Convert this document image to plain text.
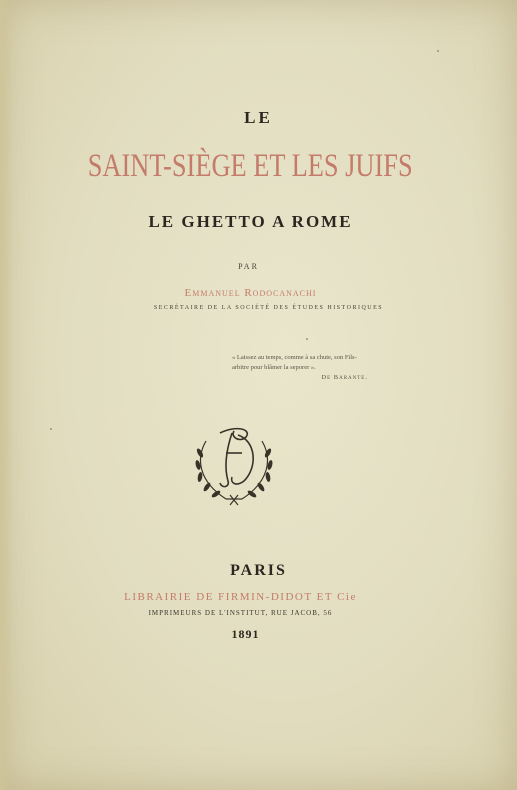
LE
SAINT-SIÈGE ET LES JUIFS
LE GHETTO A ROME
PAR
Emmanuel Rodocanachi
SECRÉTAIRE DE LA SOCIÉTÉ DES ÉTUDES HISTORIQUES
« Laissez au temps, comme à sa chute, son Fils-
arbitre pour blâmer la seporer ».

De Barante.
PARIS
LIBRAIRIE DE FIRMIN-DIDOT ET Cie
IMPRIMEURS DE L'INSTITUT, RUE JACOB, 56
1891
